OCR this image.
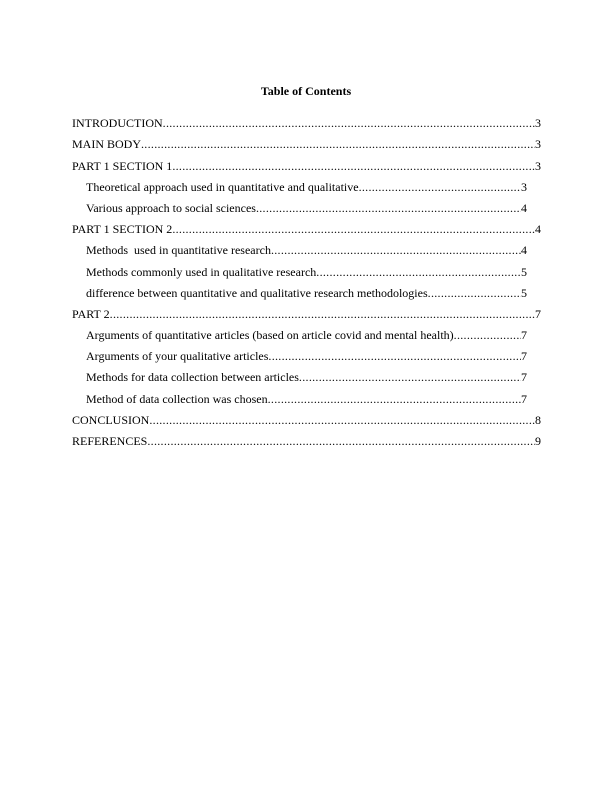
Table of Contents
INTRODUCTION .....	3
MAIN BODY .....	3
PART 1 SECTION 1 .....	3
Theoretical approach used in quantitative and qualitative .....	3
Various approach to social sciences .....	4
PART 1 SECTION 2 .....	4
Methods  used in quantitative research .....	4
Methods commonly used in qualitative research .....	5
difference between quantitative and qualitative research methodologies .....	5
PART 2 .....	7
Arguments of quantitative articles (based on article covid and mental health) .....	7
Arguments of your qualitative articles .....	7
Methods for data collection between articles .....	7
Method of data collection was chosen .....	7
CONCLUSION .....	8
REFERENCES .....	9
